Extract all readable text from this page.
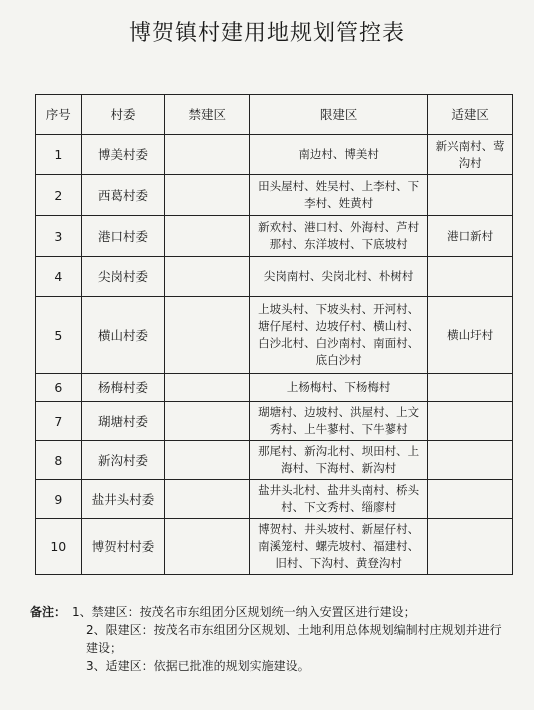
博贺镇村建用地规划管控表
序号	村委	禁建区	限建区	适建区
1	博美村委		南边村、博美村	新兴南村、莺沟村
2	西葛村委		田头屋村、姓吴村、上李村、下李村、姓黄村	
3	港口村委		新欢村、港口村、外海村、芦村那村、东洋坡村、下底坡村	港口新村
4	尖岗村委		尖岗南村、尖岗北村、朴树村	
5	横山村委		上坡头村、下坡头村、开河村、塘仔尾村、边坡仔村、横山村、白沙北村、白沙南村、南面村、底白沙村	横山圩村
6	杨梅村委		上杨梅村、下杨梅村	
7	瑚塘村委		瑚塘村、边坡村、洪屋村、上文秀村、上牛蓼村、下牛蓼村	
8	新沟村委		那尾村、新沟北村、坝田村、上海村、下海村、新沟村	
9	盐井头村委		盐井头北村、盐井头南村、桥头村、下文秀村、缁廖村	
10	博贺村村委		博贺村、井头坡村、新屋仔村、南溪笼村、螺壳坡村、福建村、旧村、下沟村、黄登沟村	
备注： 1、禁建区：按茂名市东组团分区规划统一纳入安置区进行建设；
2、限建区：按茂名市东组团分区规划、土地利用总体规划编制村庄规划并进行建设；
3、适建区：依据已批准的规划实施建设。
